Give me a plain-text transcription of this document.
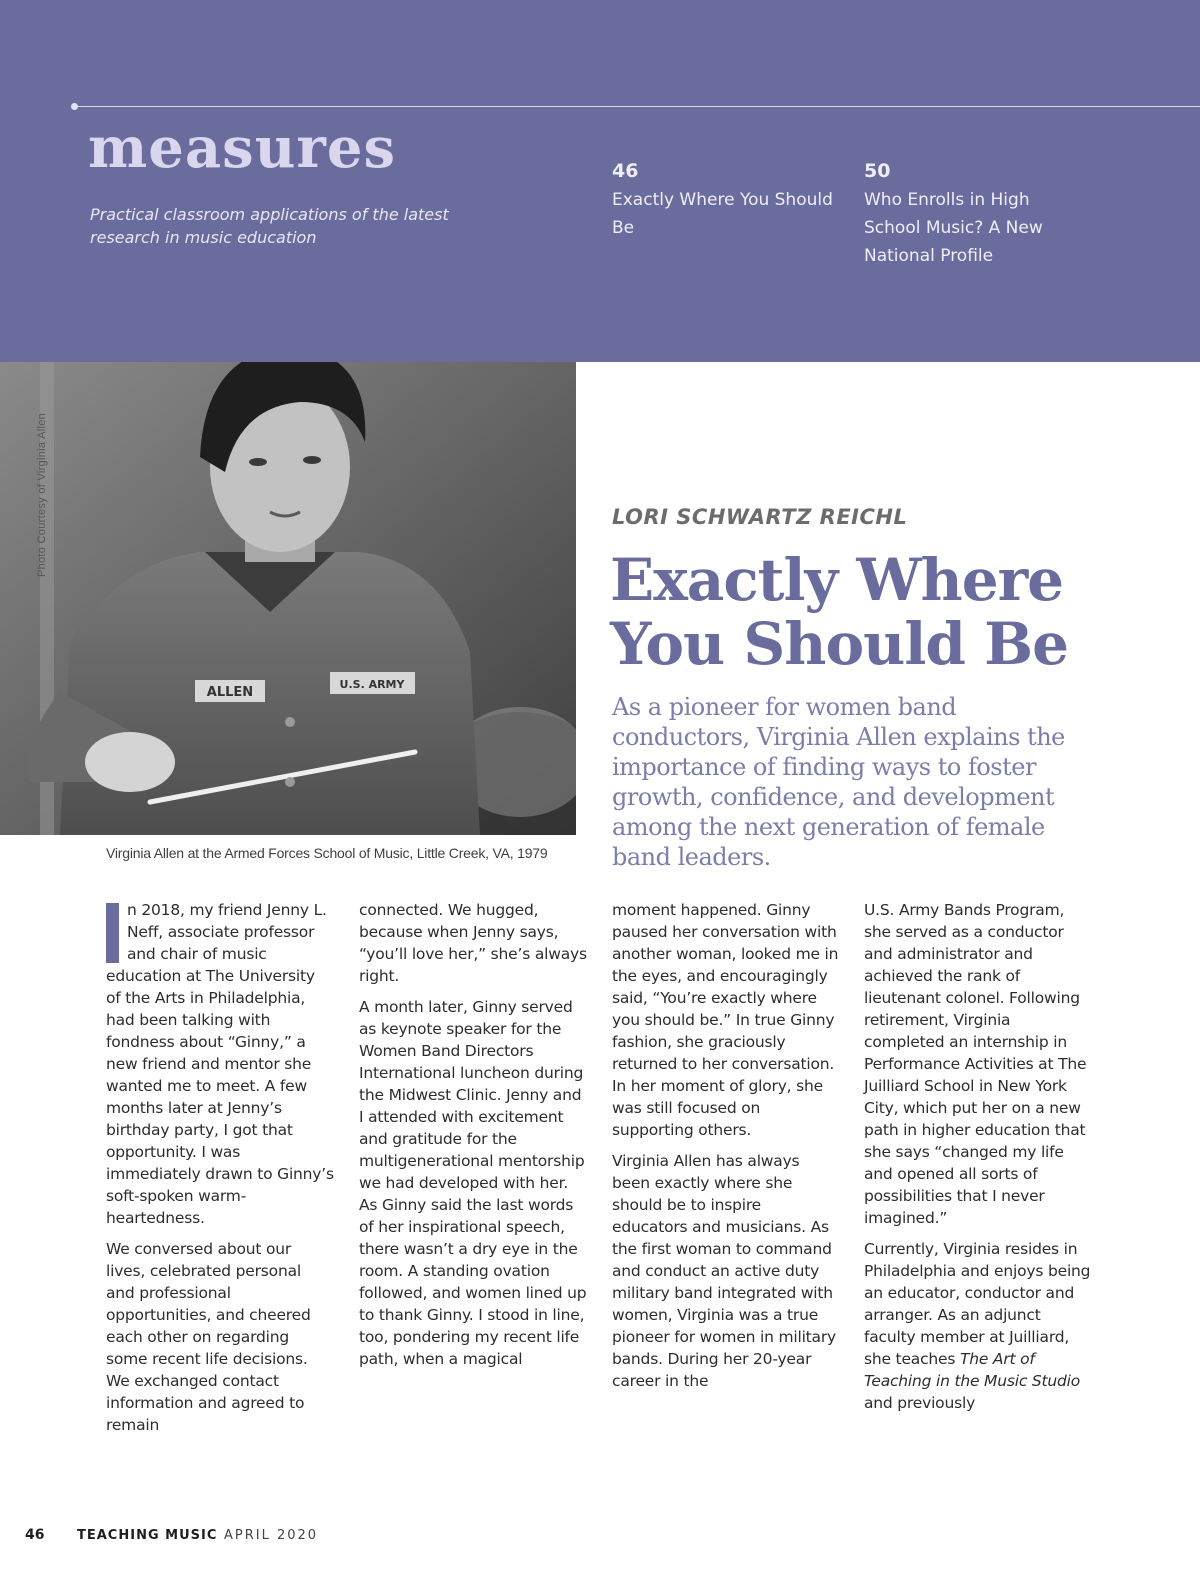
measures

Practical classroom applications of the latest research in music education

46
Exactly Where You Should Be
50
Who Enrolls in High School Music? A New National Profile
ALLEN
U.S. ARMY
Photo Courtesy of Virginia Allen

Virginia Allen at the Armed Forces School of Music, Little Creek, VA, 1979

LORI SCHWARTZ REICHL

Exactly Where You Should Be

As a pioneer for women band conductors, Virginia Allen explains the importance of finding ways to foster growth, confidence, and development among the next generation of female band leaders.

n 2018, my friend Jenny L. Neff, associate professor and chair of music education at The University of the Arts in Philadelphia, had been talking with fondness about “Ginny,” a new friend and mentor she wanted me to meet. A few months later at Jenny’s birthday party, I got that opportunity. I was immediately drawn to Ginny’s soft-spoken warm-heartedness.

We conversed about our lives, celebrated personal and professional opportunities, and cheered each other on regarding some recent life decisions. We exchanged contact information and agreed to remain

connected. We hugged, because when Jenny says, “you’ll love her,” she’s always right.

A month later, Ginny served as keynote speaker for the Women Band Directors International luncheon during the Midwest Clinic. Jenny and I attended with excitement and gratitude for the multigenerational mentorship we had developed with her. As Ginny said the last words of her inspirational speech, there wasn’t a dry eye in the room. A standing ovation followed, and women lined up to thank Ginny. I stood in line, too, pondering my recent life path, when a magical

moment happened. Ginny paused her conversation with another woman, looked me in the eyes, and encouragingly said, “You’re exactly where you should be.” In true Ginny fashion, she graciously returned to her conversation. In her moment of glory, she was still focused on supporting others.

Virginia Allen has always been exactly where she should be to inspire educators and musicians. As the first woman to command and conduct an active duty military band integrated with women, Virginia was a true pioneer for women in military bands. During her 20-year career in the

U.S. Army Bands Program, she served as a conductor and administrator and achieved the rank of lieutenant colonel. Following retirement, Virginia completed an internship in Performance Activities at The Juilliard School in New York City, which put her on a new path in higher education that she says “changed my life and opened all sorts of possibilities that I never imagined.”

Currently, Virginia resides in Philadelphia and enjoys being an educator, conductor and arranger. As an adjunct faculty member at Juilliard, she teaches The Art of Teaching in the Music Studio and previously

46	TEACHING MUSIC APRIL 2020
